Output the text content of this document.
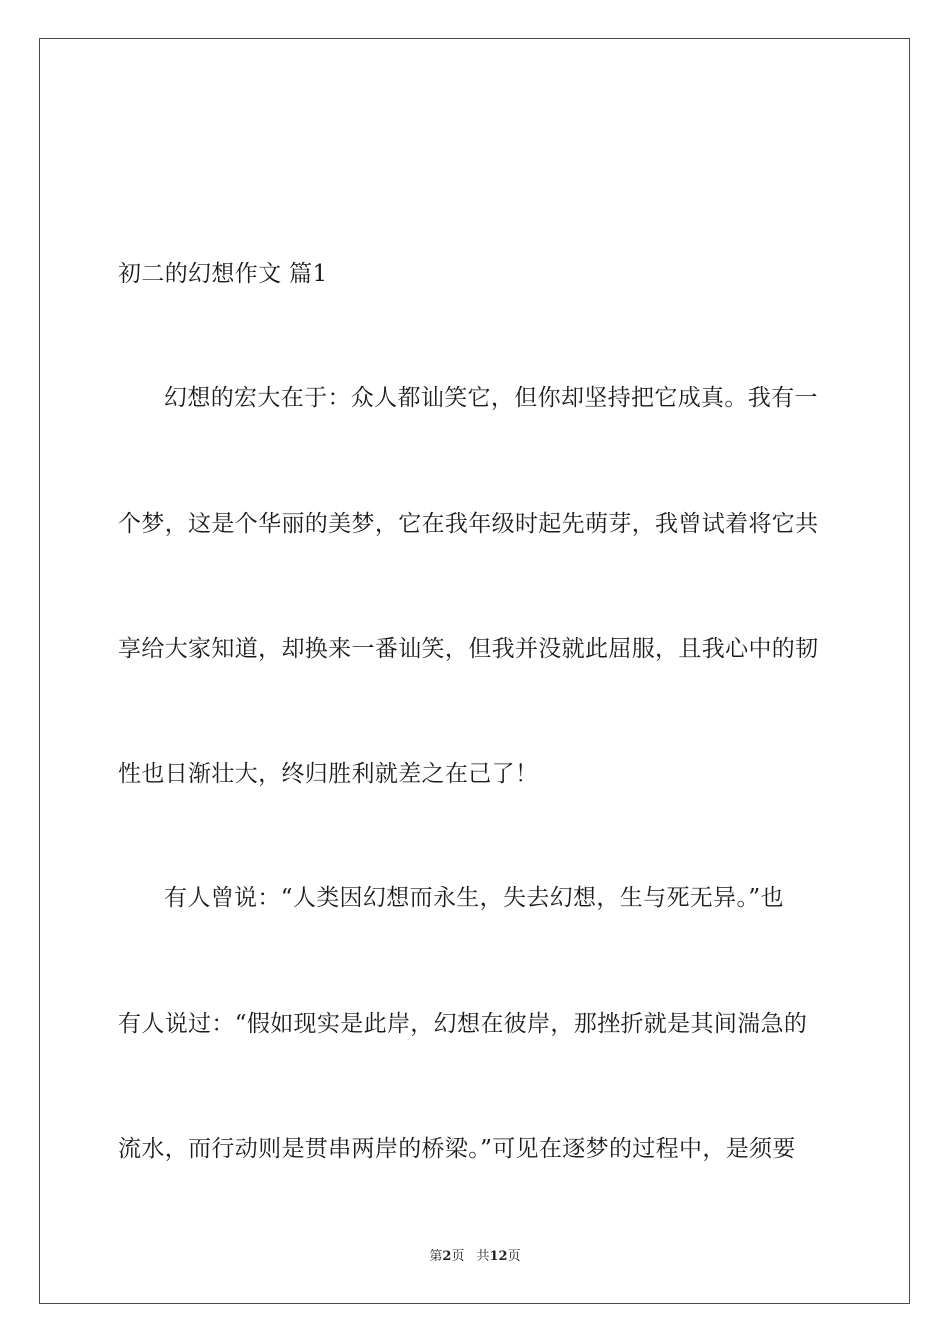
初二的幻想作文 篇1
幻想的宏大在于：众人都讪笑它，但你却坚持把它成真。我有一
个梦，这是个华丽的美梦，它在我年级时起先萌芽，我曾试着将它共
享给大家知道，却换来一番讪笑，但我并没就此屈服，且我心中的韧
性也日渐壮大，终归胜利就差之在己了！
有人曾说：“人类因幻想而永生，失去幻想，生与死无异。”也
有人说过：“假如现实是此岸，幻想在彼岸，那挫折就是其间湍急的
流水，而行动则是贯串两岸的桥梁。”可见在逐梦的过程中，是须要
第2页 共12页
